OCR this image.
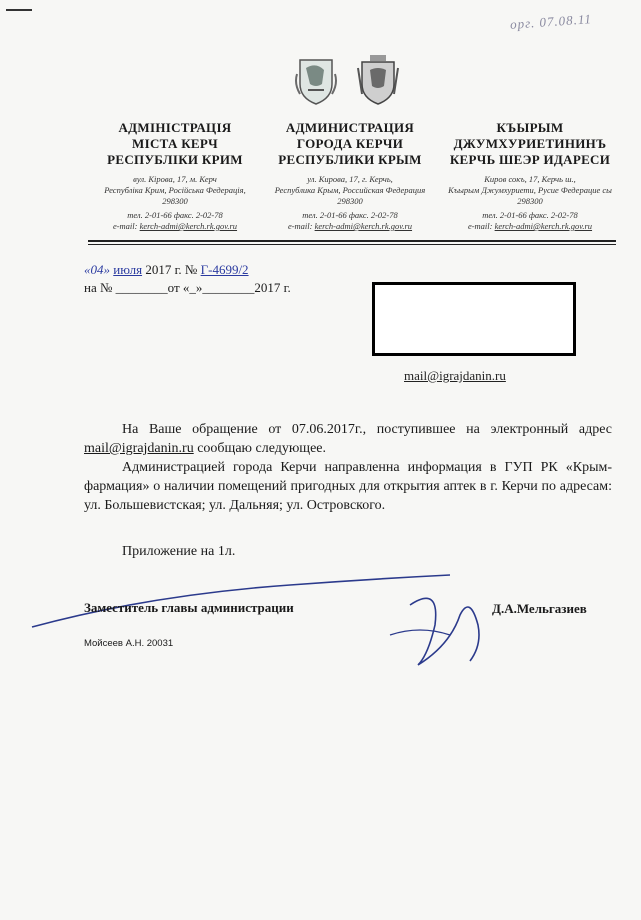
орг. 07.08.11
АДМІНІСТРАЦІЯ
МІСТА КЕРЧ
РЕСПУБЛІКИ КРИМ
вул. Кірова, 17, м. Керч
Республіка Крим, Російська Федерація,
298300
тел. 2-01-66 факс. 2-02-78
e-mail: kerch-admi@kerch.rk.gov.ru
АДМИНИСТРАЦИЯ
ГОРОДА КЕРЧИ
РЕСПУБЛИКИ КРЫМ
ул. Кирова, 17, г. Керчь,
Республика Крым, Российская Федерация
298300
тел. 2-01-66 факс. 2-02-78
e-mail: kerch-admi@kerch.rk.gov.ru
КЪЫРЫМ
ДЖУМХУРИЕТИНИНЪ
КЕРЧЬ ШЕЭР ИДАРЕСИ
Киров сокъ, 17, Керчь ш.,
Къырым Джумхуриети, Русие Федерацие сы
298300
тел. 2-01-66 факс. 2-02-78
e-mail: kerch-admi@kerch.rk.gov.ru
«04» июля 2017 г. № Г-4699/2
на № ________от «_»________2017 г.
mail@igrajdanin.ru

На Ваше обращение от 07.06.2017г., поступившее на электронный адрес mail@igrajdanin.ru сообщаю следующее.

Администрацией города Керчи направленна информация в ГУП РК «Крым-фармация» о наличии помещений пригодных для открытия аптек в г. Керчи по адресам: ул. Большевистская; ул. Дальняя; ул. Островского.

Приложение на 1л.
Заместитель главы администрации	Д.А.Мельгазиев
Мойсеев А.Н. 20031
